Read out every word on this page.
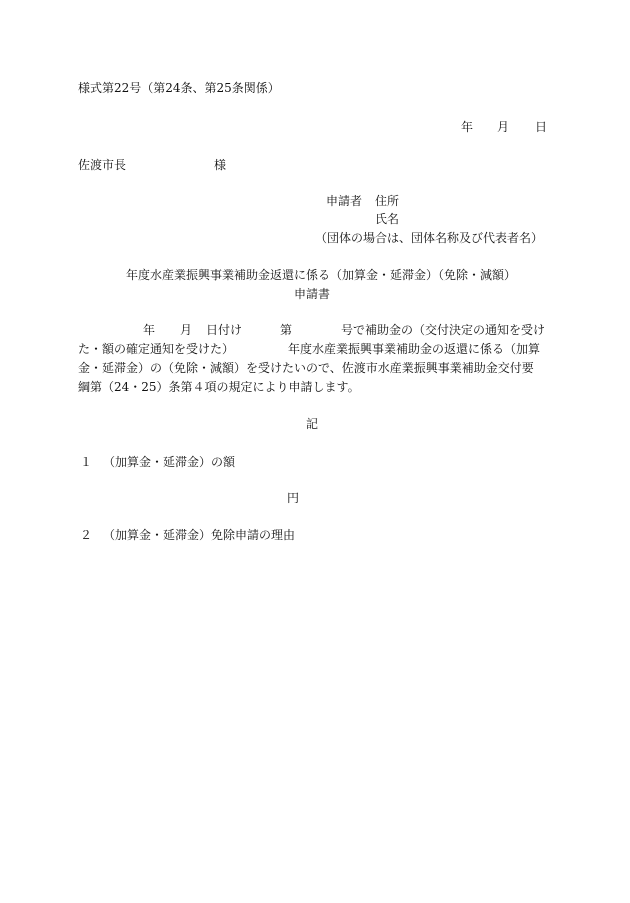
様式第22号（第24条、第25条関係）
年 月 日
佐渡市長	様
申請者 住所
氏名
（団体の場合は、団体名称及び代表者名）
年度水産業振興事業補助金返還に係る（加算金・延滞金）（免除・減額）
申請書
年 月 日付け	第	号で補助金の（交付決定の通知を受け
た・額の確定通知を受けた）	年度水産業振興事業補助金の返還に係る（加算
金・延滞金）の（免除・減額）を受けたいので、佐渡市水産業振興事業補助金交付要
綱第（24・25）条第４項の規定により申請します。
記
１ （加算金・延滞金）の額
円
２ （加算金・延滞金）免除申請の理由
